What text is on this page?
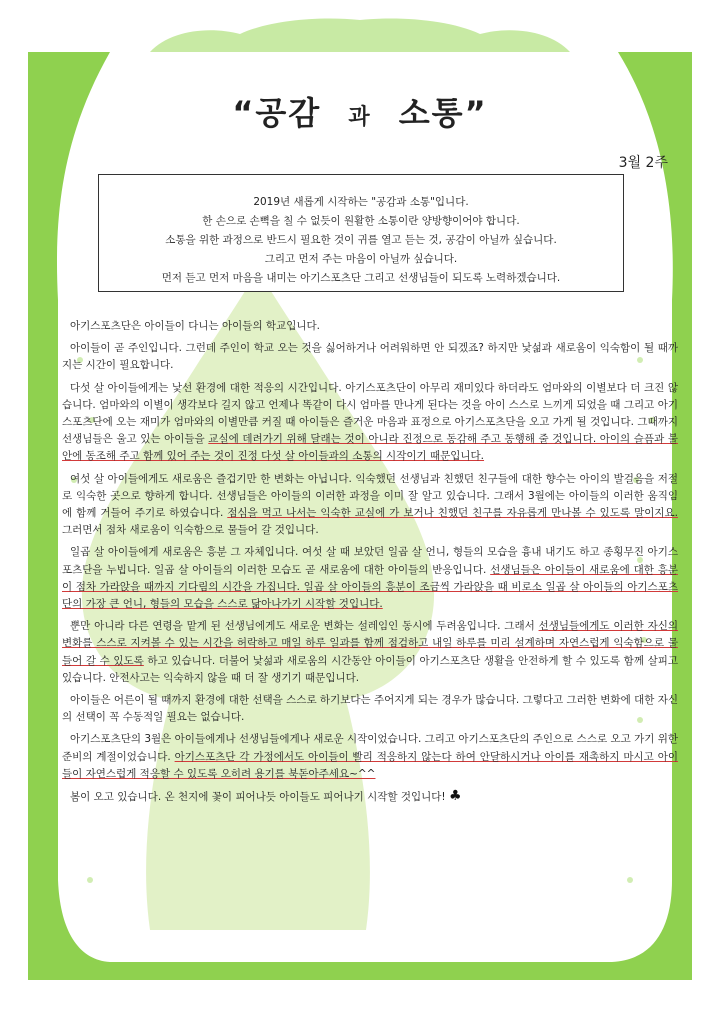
“공감 과 소통”
3월 2주

2019년 새롭게 시작하는 "공감과 소통"입니다.

한 손으로 손뼉을 칠 수 없듯이 원활한 소통이란 양방향이어야 합니다.

소통을 위한 과정으로 반드시 필요한 것이 귀를 열고 듣는 것, 공감이 아닐까 싶습니다.

그리고 먼저 주는 마음이 아닐까 싶습니다.

먼저 듣고 먼저 마음을 내미는 아기스포츠단 그리고 선생님들이 되도록 노력하겠습니다.

아기스포츠단은 아이들이 다니는 아이들의 학교입니다.

아이들이 곧 주인입니다. 그런데 주인이 학교 오는 것을 싫어하거나 어려워하면 안 되겠죠? 하지만 낯섦과 새로움이 익숙함이 될 때까지는 시간이 필요합니다.

다섯 살 아이들에게는 낯선 환경에 대한 적응의 시간입니다. 아기스포츠단이 아무리 재미있다 하더라도 엄마와의 이별보다 더 크진 않습니다. 엄마와의 이별이 생각보다 길지 않고 언제나 똑같이 다시 엄마를 만나게 된다는 것을 아이 스스로 느끼게 되었을 때 그리고 아기스포츠단에 오는 재미가 엄마와의 이별만큼 커질 때 아이들은 즐거운 마음과 표정으로 아기스포츠단을 오고 가게 될 것입니다. 그때까지 선생님들은 울고 있는 아이들을 교실에 데려가기 위해 달래는 것이 아니라 진정으로 동감해 주고 동행해 줄 것입니다. 아이의 슬픔과 불안에 동조해 주고 함께 있어 주는 것이 진정 다섯 살 아이들과의 소통의 시작이기 때문입니다.

여섯 살 아이들에게도 새로움은 즐겁기만 한 변화는 아닙니다. 익숙했던 선생님과 친했던 친구들에 대한 향수는 아이의 발걸음을 저절로 익숙한 곳으로 향하게 합니다. 선생님들은 아이들의 이러한 과정을 이미 잘 알고 있습니다. 그래서 3월에는 아이들의 이러한 움직임에 함께 거들어 주기로 하였습니다. 점심을 먹고 나서는 익숙한 교실에 가 보거나 친했던 친구를 자유롭게 만나볼 수 있도록 말이지요. 그러면서 점차 새로움이 익숙함으로 물들어 갈 것입니다.

일곱 살 아이들에게 새로움은 흥분 그 자체입니다. 여섯 살 때 보았던 일곱 살 언니, 형들의 모습을 흉내 내기도 하고 종횡무진 아기스포츠단을 누빕니다. 일곱 살 아이들의 이러한 모습도 곧 새로움에 대한 아이들의 반응입니다. 선생님들은 아이들이 새로움에 대한 흥분이 점차 가라앉을 때까지 기다림의 시간을 가집니다. 일곱 살 아이들의 흥분이 조금씩 가라앉을 때 비로소 일곱 살 아이들의 아기스포츠단의 가장 큰 언니, 형들의 모습을 스스로 닮아나가기 시작할 것입니다.

뿐만 아니라 다른 연령을 맡게 된 선생님에게도 새로운 변화는 설레임인 동시에 두려움입니다. 그래서 선생님들에게도 이러한 자신의 변화를 스스로 지켜볼 수 있는 시간을 허락하고 매일 하루 일과를 함께 점검하고 내일 하루를 미리 설계하며 자연스럽게 익숙함으로 물들어 갈 수 있도록 하고 있습니다. 더불어 낯섦과 새로움의 시간동안 아이들이 아기스포츠단 생활을 안전하게 할 수 있도록 함께 살피고 있습니다. 안전사고는 익숙하지 않을 때 더 잘 생기기 때문입니다.

아이들은 어른이 될 때까지 환경에 대한 선택을 스스로 하기보다는 주어지게 되는 경우가 많습니다. 그렇다고 그러한 변화에 대한 자신의 선택이 꼭 수동적일 필요는 없습니다.

아기스포츠단의 3월은 아이들에게나 선생님들에게나 새로운 시작이었습니다. 그리고 아기스포츠단의 주인으로 스스로 오고 가기 위한 준비의 계절이었습니다. 아기스포츠단 각 가정에서도 아이들이 빨리 적응하지 않는다 하여 안달하시거나 아이를 재촉하지 마시고 아이들이 자연스럽게 적응할 수 있도록 오히려 용기를 북돋아주세요~^^

봄이 오고 있습니다. 온 천지에 꽃이 피어나듯 아이들도 피어나기 시작할 것입니다! ♣
